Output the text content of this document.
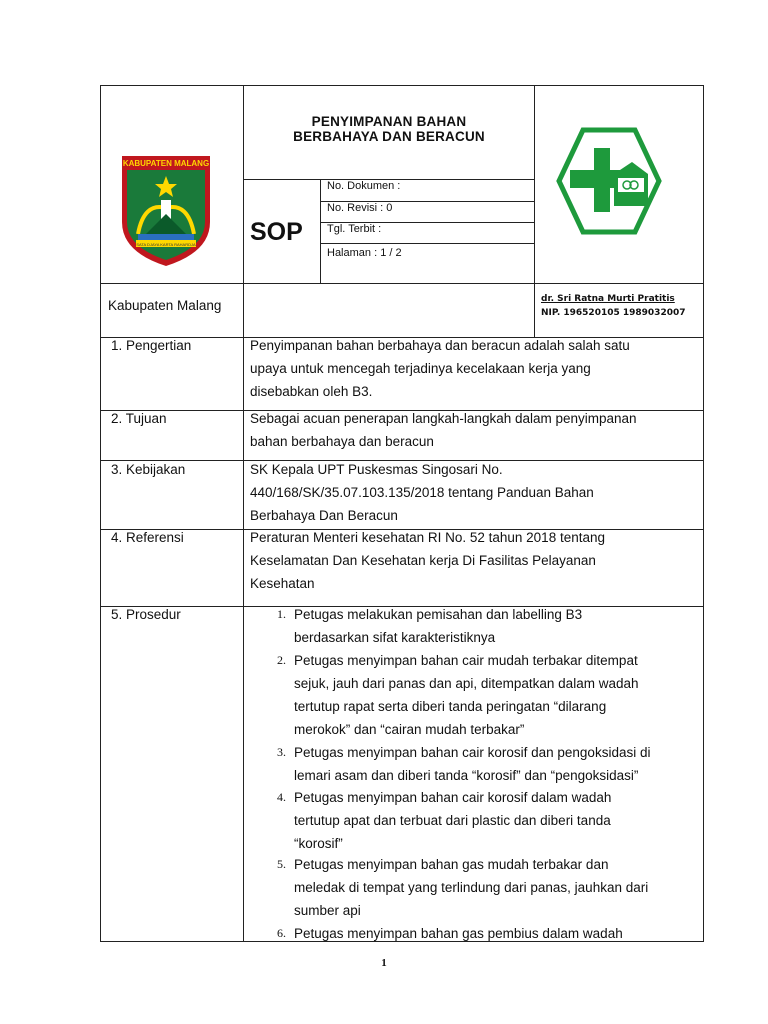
KABUPATEN MALANG
SATA DJAYA KARTA RAHARDJA
PENYIMPANAN BAHAN
BERBAHAYA DAN BERACUN
SOP
No. Dokumen :
No. Revisi : 0
Tgl. Terbit :
Halaman : 1 / 2
Kabupaten Malang	dr. Sri Ratna Murti Pratitis
NIP. 196520105 1989032007
1. Pengertian
2. Tujuan
3. Kebijakan
4. Referensi
5. Prosedur
Penyimpanan bahan berbahaya dan beracun adalah salah satu
upaya untuk mencegah terjadinya kecelakaan kerja yang
disebabkan oleh B3.
Sebagai acuan penerapan langkah-langkah dalam penyimpanan
bahan berbahaya dan beracun
SK Kepala UPT Puskesmas Singosari No.
440/168/SK/35.07.103.135/2018 tentang Panduan Bahan
Berbahaya Dan Beracun
Peraturan Menteri kesehatan RI No. 52 tahun 2018 tentang
Keselamatan Dan Kesehatan kerja Di Fasilitas Pelayanan
Kesehatan
1. Petugas melakukan pemisahan dan labelling B3
berdasarkan sifat karakteristiknya
2. Petugas menyimpan bahan cair mudah terbakar ditempat
sejuk, jauh dari panas dan api, ditempatkan dalam wadah
tertutup rapat serta diberi tanda peringatan “dilarang
merokok” dan “cairan mudah terbakar”
3. Petugas menyimpan bahan cair korosif dan pengoksidasi di
lemari asam dan diberi tanda “korosif” dan “pengoksidasi”
4. Petugas menyimpan bahan cair korosif dalam wadah
tertutup apat dan terbuat dari plastic dan diberi tanda
“korosif”
5. Petugas menyimpan bahan gas mudah terbakar dan
meledak di tempat yang terlindung dari panas, jauhkan dari
sumber api
6. Petugas menyimpan bahan gas pembius dalam wadah
1
